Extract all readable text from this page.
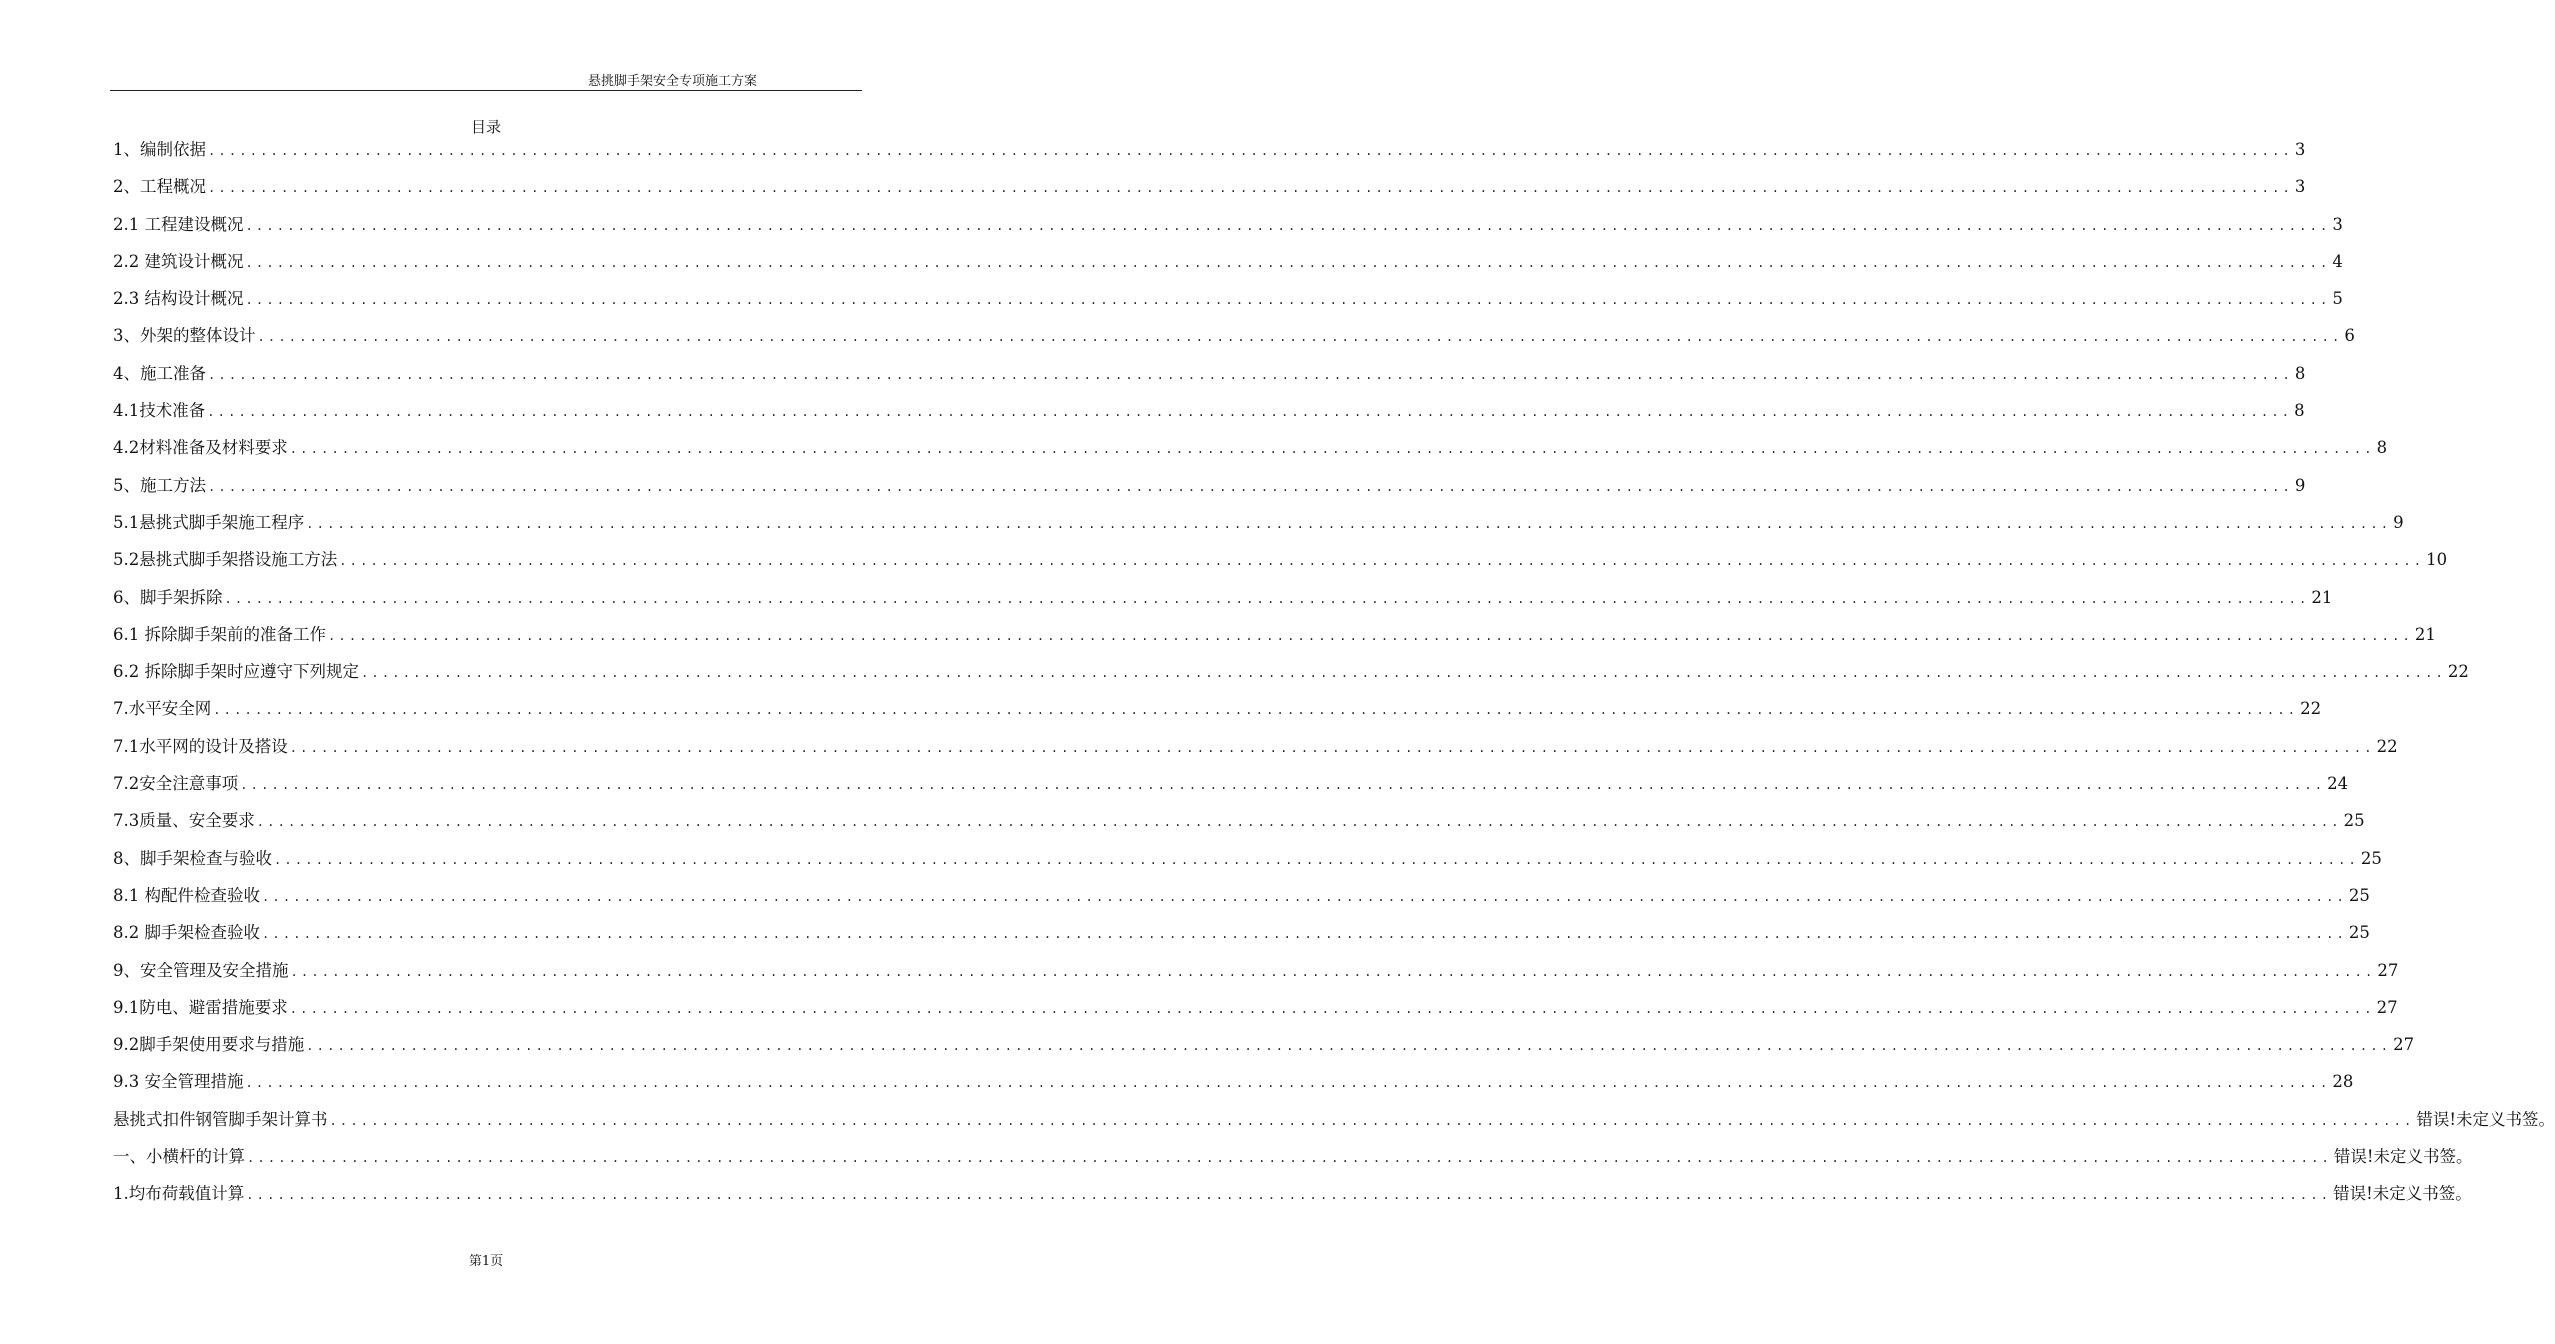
悬挑脚手架安全专项施工方案
目录
1、编制依据 ........................................................................................................................................................................................................ 3
2、工程概况 ........................................................................................................................................................................................................ 3
2.1 工程建设概况 ........................................................................................................................................................................................................ 3
2.2 建筑设计概况 ........................................................................................................................................................................................................ 4
2.3 结构设计概况 ........................................................................................................................................................................................................ 5
3、外架的整体设计 ........................................................................................................................................................................................................ 6
4、施工准备 ........................................................................................................................................................................................................ 8
4.1技术准备 ........................................................................................................................................................................................................ 8
4.2材料准备及材料要求 ........................................................................................................................................................................................................ 8
5、施工方法 ........................................................................................................................................................................................................ 9
5.1悬挑式脚手架施工程序 ........................................................................................................................................................................................................ 9
5.2悬挑式脚手架搭设施工方法 ........................................................................................................................................................................................................ 10
6、脚手架拆除 ........................................................................................................................................................................................................ 21
6.1 拆除脚手架前的准备工作 ........................................................................................................................................................................................................ 21
6.2 拆除脚手架时应遵守下列规定 ........................................................................................................................................................................................................ 22
7.水平安全网 ........................................................................................................................................................................................................ 22
7.1水平网的设计及搭设 ........................................................................................................................................................................................................ 22
7.2安全注意事项 ........................................................................................................................................................................................................ 24
7.3质量、安全要求 ........................................................................................................................................................................................................ 25
8、脚手架检查与验收 ........................................................................................................................................................................................................ 25
8.1 构配件检查验收 ........................................................................................................................................................................................................ 25
8.2 脚手架检查验收 ........................................................................................................................................................................................................ 25
9、安全管理及安全措施 ........................................................................................................................................................................................................ 27
9.1防电、避雷措施要求 ........................................................................................................................................................................................................ 27
9.2脚手架使用要求与措施 ........................................................................................................................................................................................................ 27
9.3 安全管理措施 ........................................................................................................................................................................................................ 28
悬挑式扣件钢管脚手架计算书 ........................................................................................................................................................................................................ 错误!未定义书签。
一、小横杆的计算 ........................................................................................................................................................................................................ 错误!未定义书签。
1.均布荷载值计算 ........................................................................................................................................................................................................ 错误!未定义书签。
第1页
